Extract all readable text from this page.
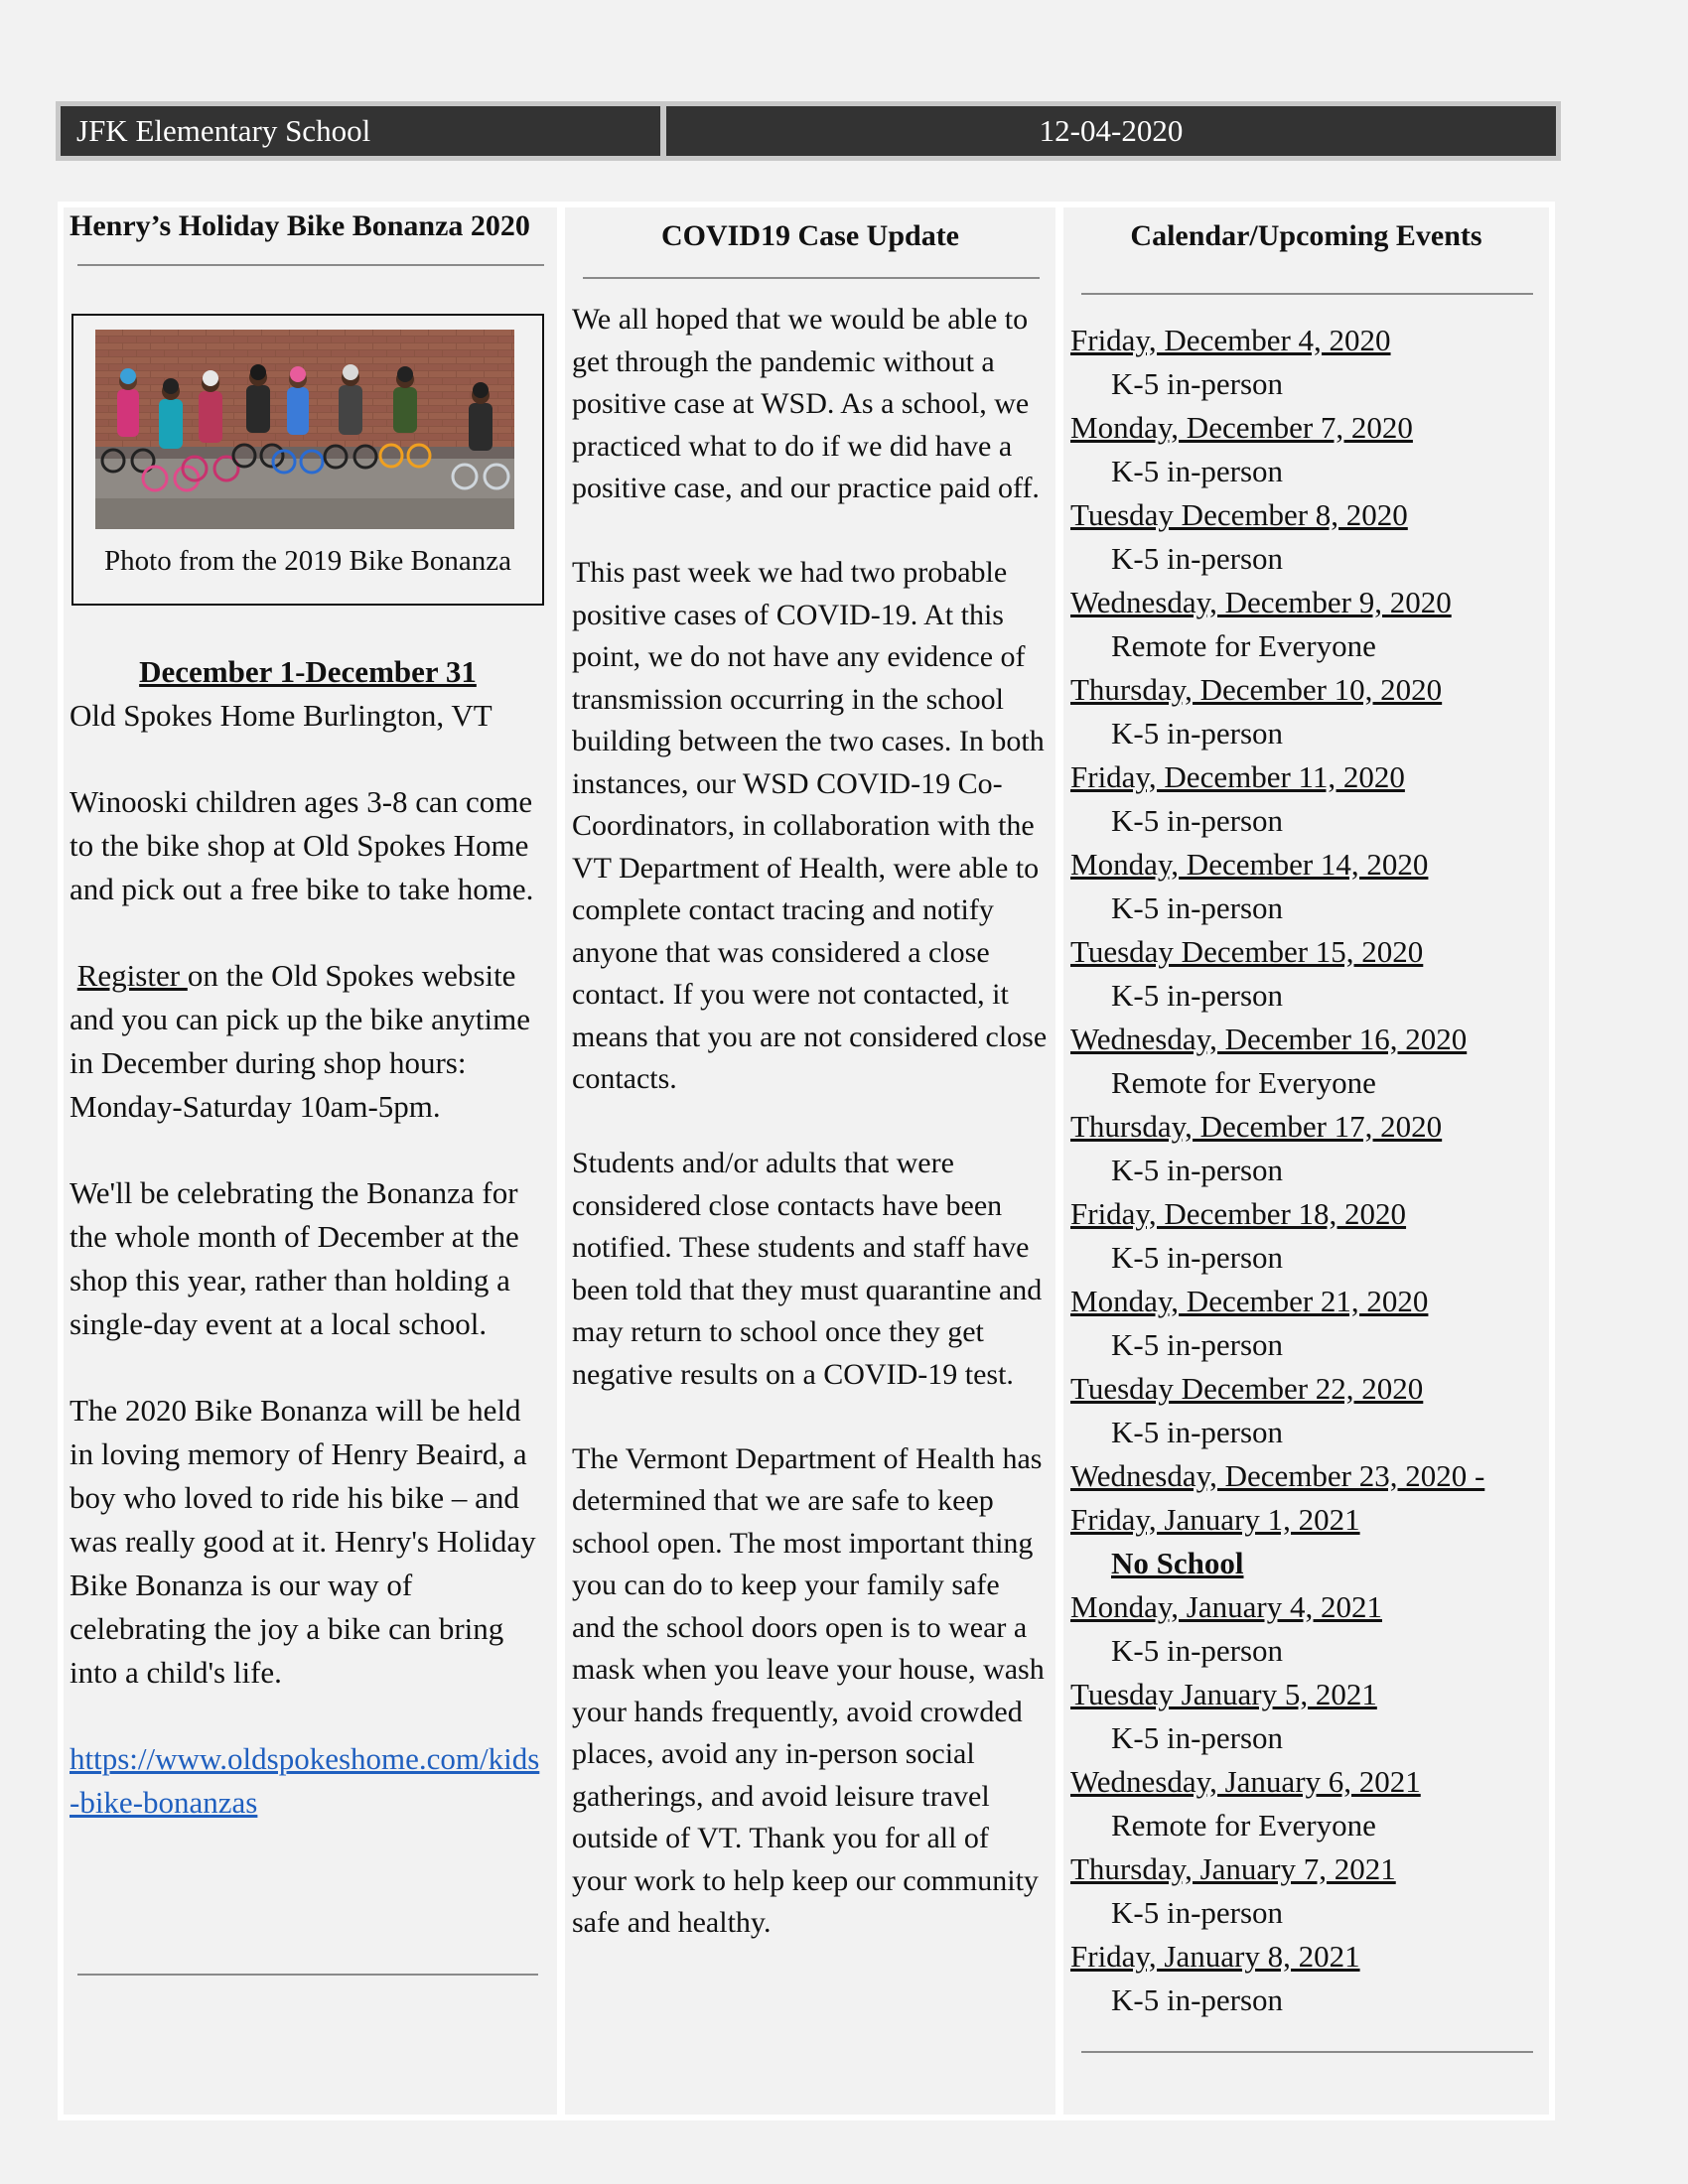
JFK Elementary School	12-04-2020
Henry’s Holiday Bike Bonanza 2020
Photo from the 2019 Bike Bonanza
December 1-December 31

Old Spokes Home Burlington, VT

Winooski children ages 3-8 can come to the bike shop at Old Spokes Home and pick out a free bike to take home.

Register on the Old Spokes website and you can pick up the bike anytime in December during shop hours:

Monday-Saturday 10am-5pm.

We'll be celebrating the Bonanza for the whole month of December at the shop this year, rather than holding a single-day event at a local school.

The 2020 Bike Bonanza will be held in loving memory of Henry Beaird, a boy who loved to ride his bike – and was really good at it. Henry's Holiday Bike Bonanza is our way of celebrating the joy a bike can bring into a child's life.

https://www.oldspokeshome.com/kids-bike-bonanzas
COVID19 Case Update

We all hoped that we would be able to get through the pandemic without a positive case at WSD. As a school, we practiced what to do if we did have a positive case, and our practice paid off.

This past week we had two probable positive cases of COVID-19. At this point, we do not have any evidence of transmission occurring in the school building between the two cases. In both instances, our WSD COVID-19 Co-Coordinators, in collaboration with the VT Department of Health, were able to complete contact tracing and notify anyone that was considered a close contact. If you were not contacted, it means that you are not considered close contacts.

Students and/or adults that were considered close contacts have been notified. These students and staff have been told that they must quarantine and may return to school once they get negative results on a COVID-19 test.

The Vermont Department of Health has determined that we are safe to keep school open. The most important thing you can do to keep your family safe and the school doors open is to wear a mask when you leave your house, wash your hands frequently, avoid crowded places, avoid any in-person social gatherings, and avoid leisure travel outside of VT. Thank you for all of your work to help keep our community safe and healthy.

Calendar/Upcoming Events
Friday, December 4, 2020
K-5 in-person
Monday, December 7, 2020
K-5 in-person
Tuesday December 8, 2020
K-5 in-person
Wednesday, December 9, 2020
Remote for Everyone
Thursday, December 10, 2020
K-5 in-person
Friday, December 11, 2020
K-5 in-person
Monday, December 14, 2020
K-5 in-person
Tuesday December 15, 2020
K-5 in-person
Wednesday, December 16, 2020
Remote for Everyone
Thursday, December 17, 2020
K-5 in-person
Friday, December 18, 2020
K-5 in-person
Monday, December 21, 2020
K-5 in-person
Tuesday December 22, 2020
K-5 in-person
Wednesday, December 23, 2020 -
Friday, January 1, 2021
No School
Monday, January 4, 2021
K-5 in-person
Tuesday January 5, 2021
K-5 in-person
Wednesday, January 6, 2021
Remote for Everyone
Thursday, January 7, 2021
K-5 in-person
Friday, January 8, 2021
K-5 in-person
